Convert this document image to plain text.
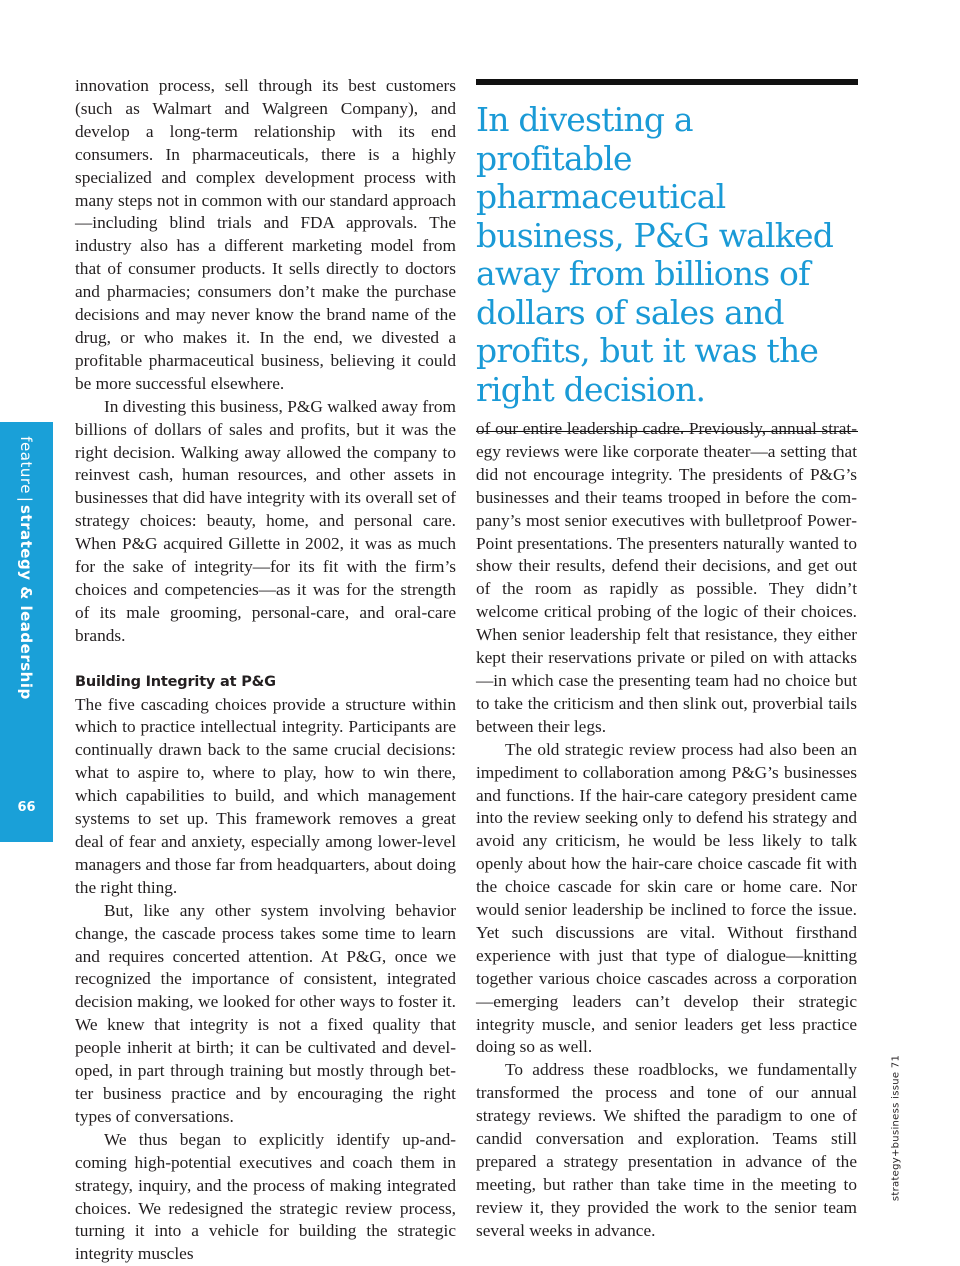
feature|strategy & leadership
66

innovation process, sell through its best customers (such as Walmart and Walgreen Company), and develop a long-term relationship with its end consumers. In pharmaceuticals, there is a highly specialized and complex development process with many steps not in common with our standard approach—including blind trials and FDA approvals. The industry also has a different marketing model from that of consumer products. It sells directly to doctors and pharmacies; consumers don’t make the purchase decisions and may never know the brand name of the drug, or who makes it. In the end, we divested a profitable pharmaceutical business, believing it could be more successful elsewhere.

In divesting this business, P&G walked away from billions of dollars of sales and profits, but it was the right decision. Walking away allowed the company to reinvest cash, human resources, and other assets in businesses that did have integrity with its overall set of strategy choices: beauty, home, and personal care. When P&G acquired Gillette in 2002, it was as much for the sake of integrity—for its fit with the firm’s choices and competencies—as it was for the strength of its male grooming, personal-care, and oral-care brands.

Building Integrity at P&G

The five cascading choices provide a structure within which to practice intellectual integrity. Participants are continually drawn back to the same crucial decisions: what to aspire to, where to play, how to win there, which capabilities to build, and which management systems to set up. This framework removes a great deal of fear and anxiety, especially among lower-level managers and those far from headquarters, about doing the right thing.

But, like any other system involving behavior change, the cascade process takes some time to learn and requires concerted attention. At P&G, once we recognized the importance of consistent, integrated decision making, we looked for other ways to foster it. We knew that integrity is not a fixed quality that people inherit at birth; it can be cultivated and developed, in part through training but mostly through better business practice and by encouraging the right types of conversations.

We thus began to explicitly identify up-and-coming high-potential executives and coach them in strategy, inquiry, and the process of making integrated choices. We redesigned the strategic review process, turning it into a vehicle for building the strategic integrity muscles

In divesting a profitable pharmaceutical business, P&G walked away from billions of dollars of sales and profits, but it was the right decision.

of our entire leadership cadre. Previously, annual strategy reviews were like corporate theater—a setting that did not encourage integrity. The presidents of P&G’s businesses and their teams trooped in before the company’s most senior executives with bulletproof PowerPoint presentations. The presenters naturally wanted to show their results, defend their decisions, and get out of the room as rapidly as possible. They didn’t welcome critical probing of the logic of their choices. When senior leadership felt that resistance, they either kept their reservations private or piled on with attacks—in which case the presenting team had no choice but to take the criticism and then slink out, proverbial tails between their legs.

The old strategic review process had also been an impediment to collaboration among P&G’s businesses and functions. If the hair-care category president came into the review seeking only to defend his strategy and avoid any criticism, he would be less likely to talk openly about how the hair-care choice cascade fit with the choice cascade for skin care or home care. Nor would senior leadership be inclined to force the issue. Yet such discussions are vital. Without firsthand experience with just that type of dialogue—knitting together various choice cascades across a corporation—emerging leaders can’t develop their strategic integrity muscle, and senior leaders get less practice doing so as well.

To address these roadblocks, we fundamentally transformed the process and tone of our annual strategy reviews. We shifted the paradigm to one of candid conversation and exploration. Teams still prepared a strategy presentation in advance of the meeting, but rather than take time in the meeting to review it, they provided the work to the senior team several weeks in advance.

strategy+business issue 71
